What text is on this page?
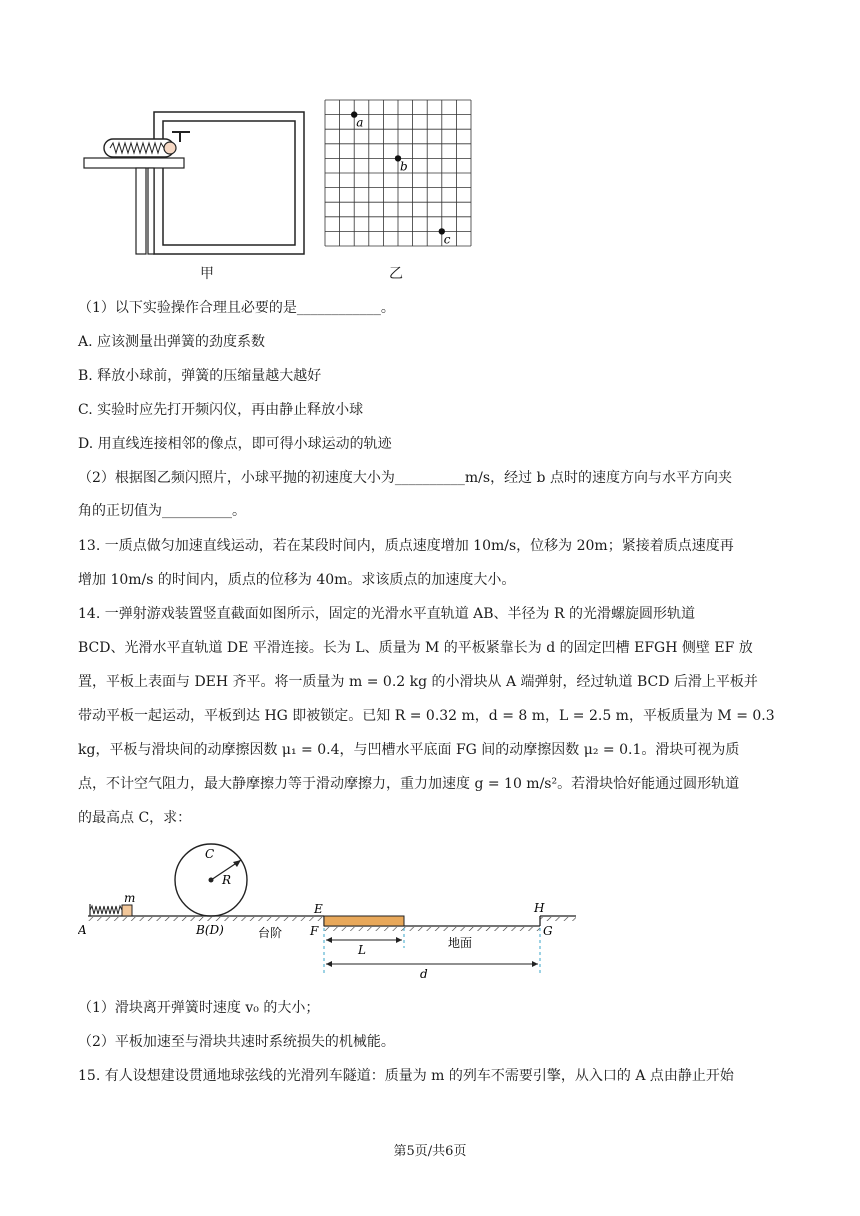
甲
a
b
c
乙
（1）以下实验操作合理且必要的是____________。
A. 应该测量出弹簧的劲度系数
B. 释放小球前，弹簧的压缩量越大越好
C. 实验时应先打开频闪仪，再由静止释放小球
D. 用直线连接相邻的像点，即可得小球运动的轨迹
（2）根据图乙频闪照片，小球平抛的初速度大小为__________m/s，经过 b 点时的速度方向与水平方向夹
角的正切值为__________。
13. 一质点做匀加速直线运动，若在某段时间内，质点速度增加 10m/s，位移为 20m；紧接着质点速度再
增加 10m/s 的时间内，质点的位移为 40m。求该质点的加速度大小。
14. 一弹射游戏装置竖直截面如图所示，固定的光滑水平直轨道 AB、半径为 R 的光滑螺旋圆形轨道
BCD、光滑水平直轨道 DE 平滑连接。长为 L、质量为 M 的平板紧靠长为 d 的固定凹槽 EFGH 侧壁 EF 放
置，平板上表面与 DEH 齐平。将一质量为 m = 0.2 kg 的小滑块从 A 端弹射，经过轨道 BCD 后滑上平板并
带动平板一起运动，平板到达 HG 即被锁定。已知 R = 0.32 m，d = 8 m，L = 2.5 m，平板质量为 M = 0.3
kg，平板与滑块间的动摩擦因数 μ₁ = 0.4，与凹槽水平底面 FG 间的动摩擦因数 μ₂ = 0.1。滑块可视为质
点，不计空气阻力，最大静摩擦力等于滑动摩擦力，重力加速度 g = 10 m/s²。若滑块恰好能通过圆形轨道
的最高点 C，求：
m
A
C
R
B(D)	台阶
E
F
L	地面
d
H
G
（1）滑块离开弹簧时速度 v₀ 的大小；
（2）平板加速至与滑块共速时系统损失的机械能。
15. 有人设想建设贯通地球弦线的光滑列车隧道：质量为 m 的列车不需要引擎，从入口的 A 点由静止开始
第5页/共6页
